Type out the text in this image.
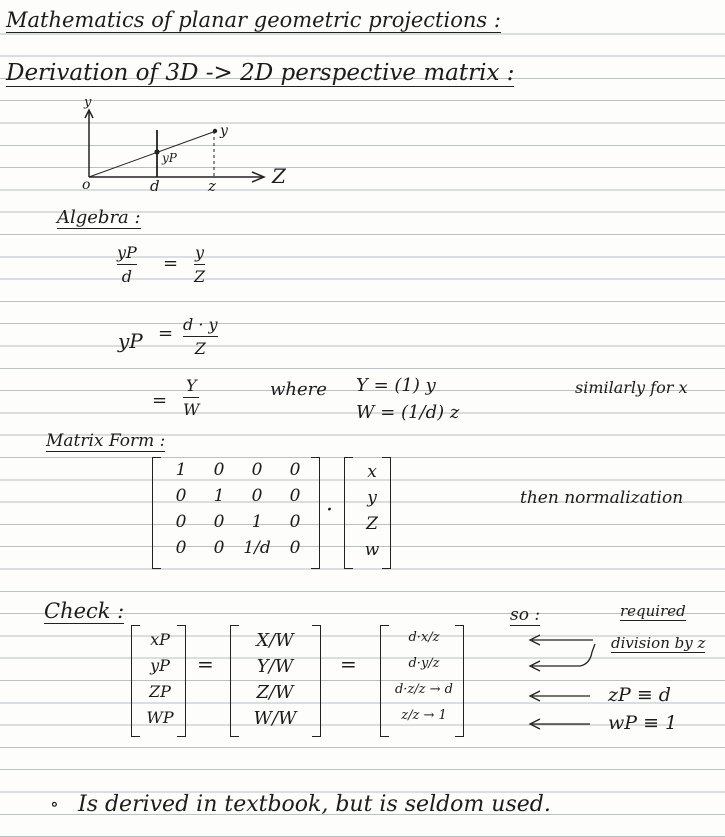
Mathematics of planar geometric projections :
Derivation of 3D -> 2D perspective matrix :
y
Z
o	d	z
y
yP
Algebra :
yP
d
=
y
Z
yP = d · y
Z
=
Y
W
where Y = (1) y
W = (1/d) z
similarly for x
Matrix Form :
1	0	0	0
0	1	0	0
0	0	1	0
0	0	1/d	0
·
x
y
Z
w
then normalization
Check :
xP
yP
ZP
WP
=
X/W
Y/W
Z/W
W/W
=
d·x/z
d·y/z
d·z/z → d
z/z → 1
so :	required
division by z
zP ≡ d
wP ≡ 1
∘ Is derived in textbook, but is seldom used.
